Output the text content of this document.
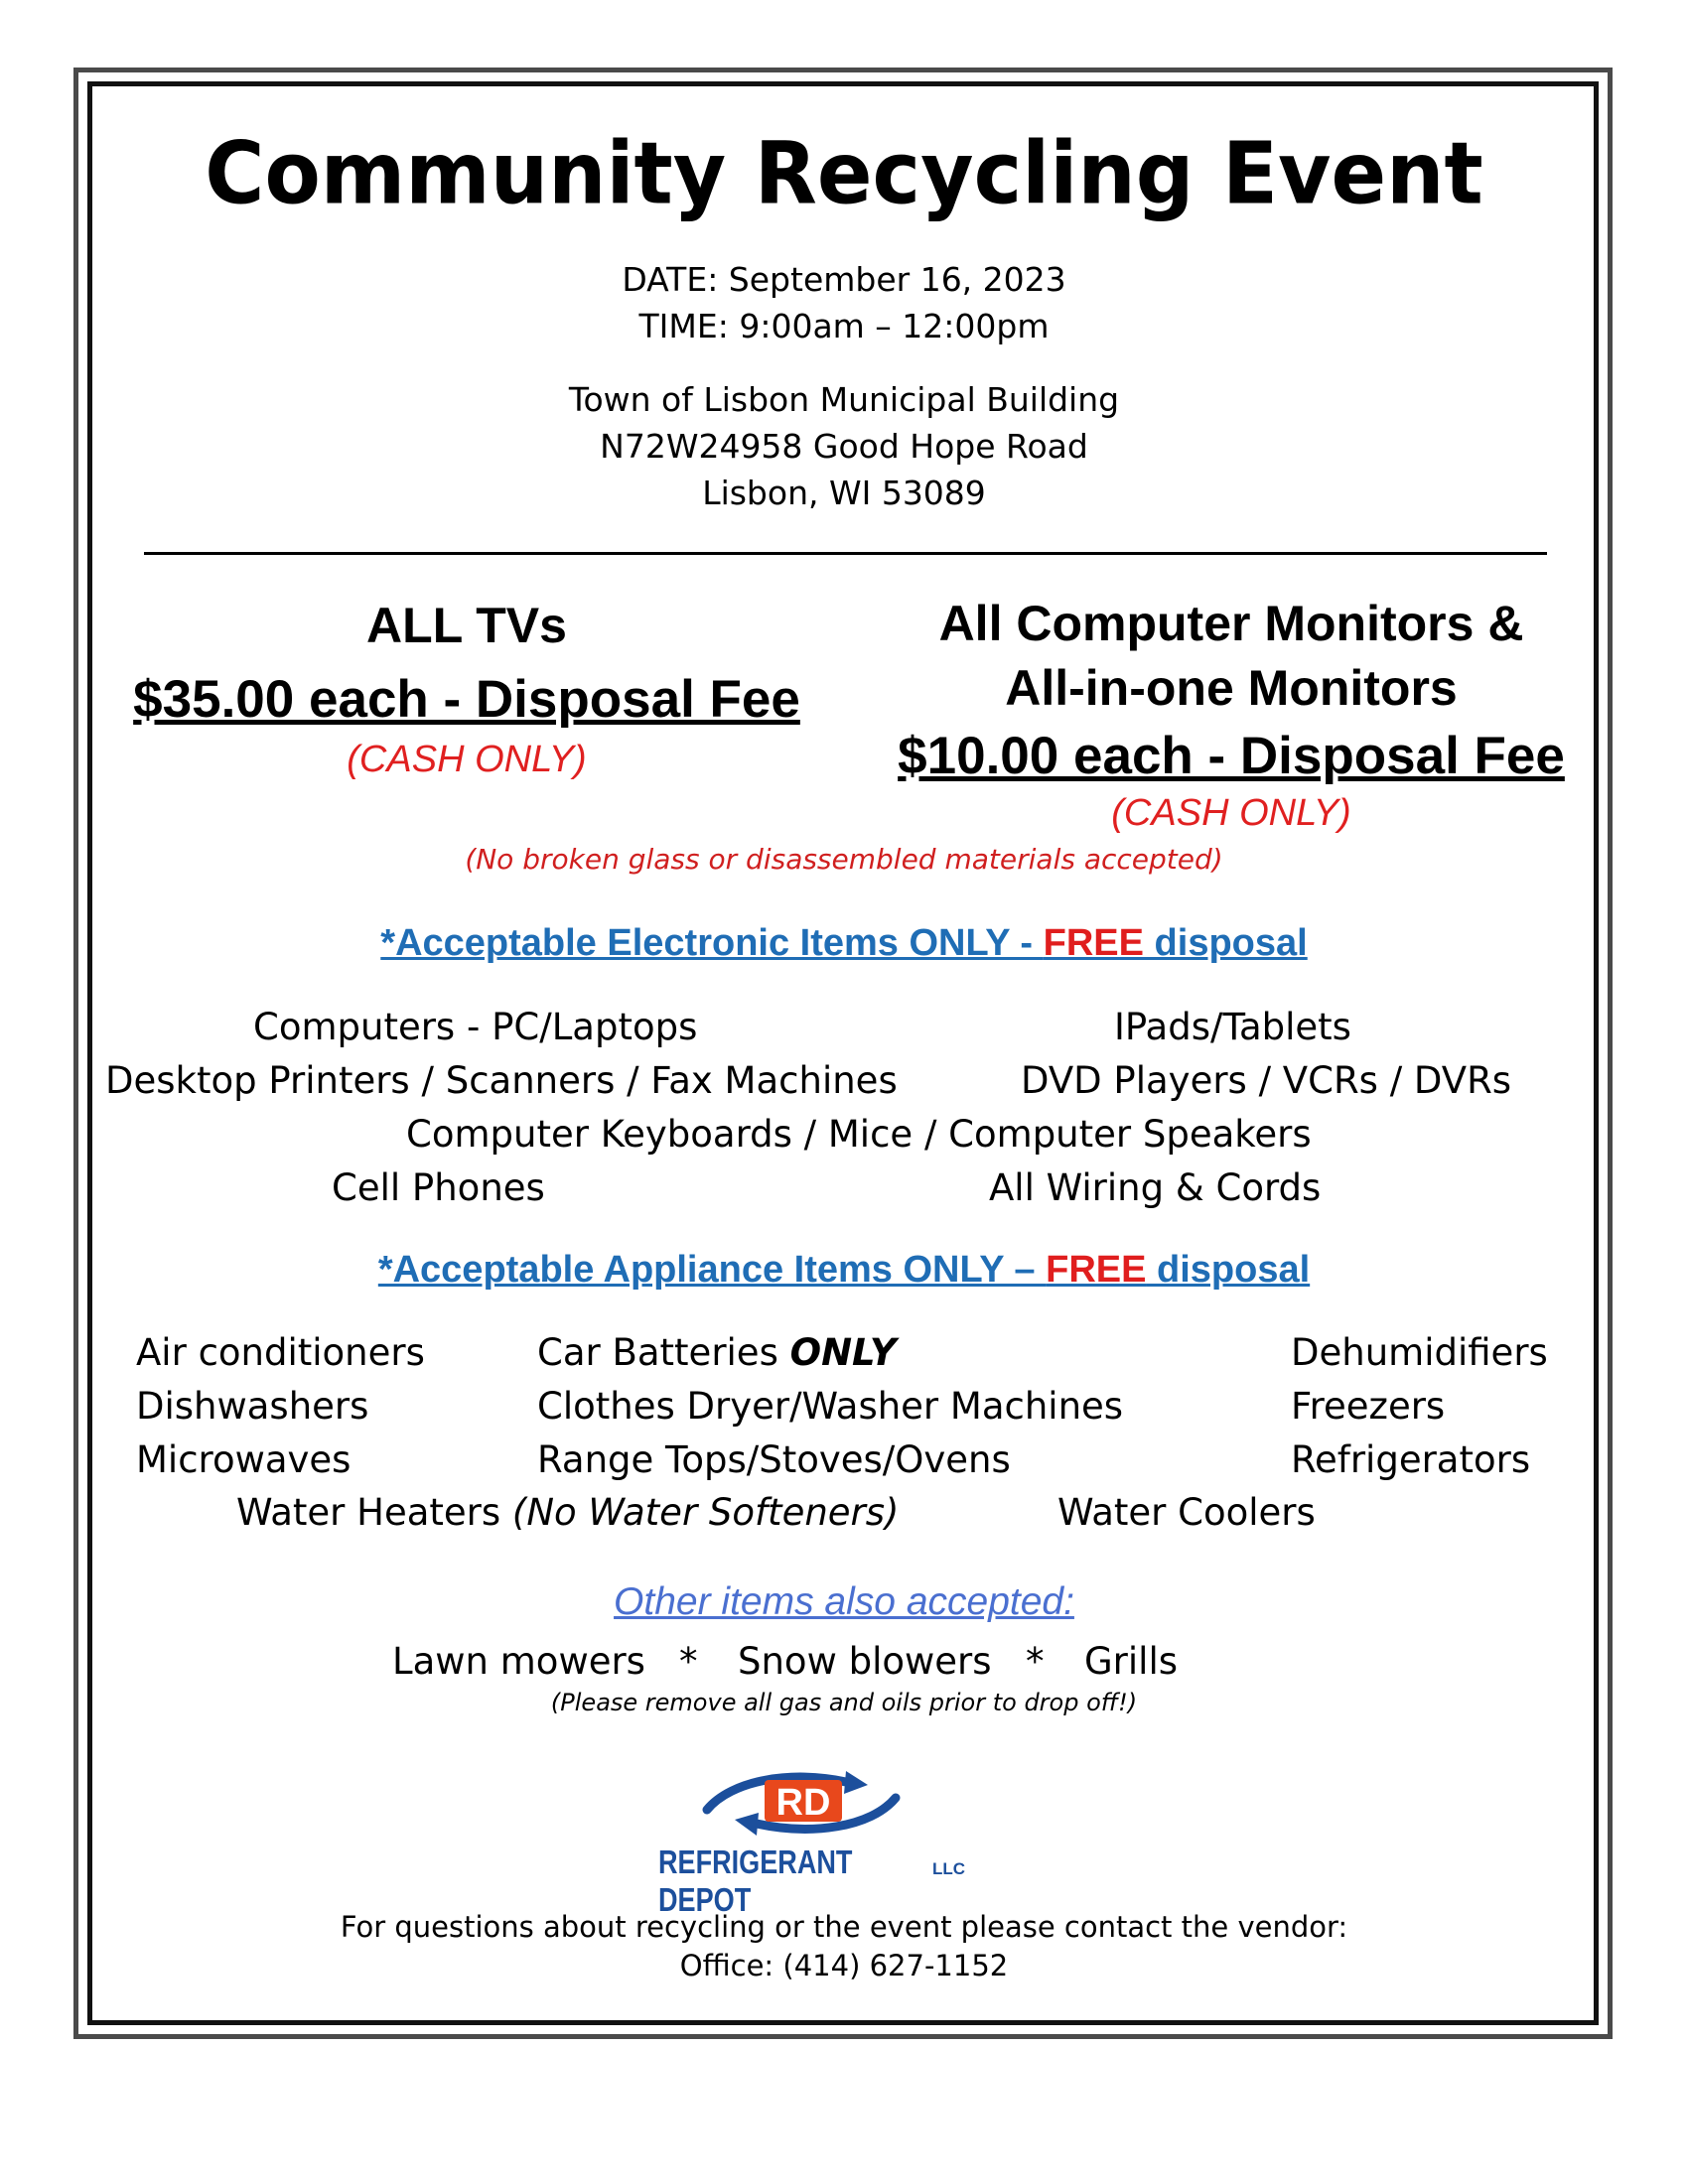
Community Recycling Event
DATE: September 16, 2023
TIME: 9:00am – 12:00pm
Town of Lisbon Municipal Building
N72W24958 Good Hope Road
Lisbon, WI 53089
ALL TVs
$35.00 each - Disposal Fee
(CASH ONLY)
All Computer Monitors &
All-in-one Monitors
$10.00 each - Disposal Fee
(CASH ONLY)
(No broken glass or disassembled materials accepted)
*Acceptable Electronic Items ONLY - FREE disposal
Computers - PC/Laptops	IPads/Tablets
Desktop Printers / Scanners / Fax Machines	DVD Players / VCRs / DVRs
Computer Keyboards / Mice / Computer Speakers
Cell Phones	All Wiring & Cords
*Acceptable Appliance Items ONLY – FREE disposal
Air conditioners	Car Batteries ONLY	Dehumidifiers
Dishwashers	Clothes Dryer/Washer Machines	Freezers
Microwaves	Range Tops/Stoves/Ovens	Refrigerators
Water Heaters (No Water Softeners)	Water Coolers
Other items also accepted:
Lawn mowers * Snow blowers * Grills
(Please remove all gas and oils prior to drop off!)
RD
REFRIGERANT DEPOT
LLC
For questions about recycling or the event please contact the vendor:
Office: (414) 627-1152
